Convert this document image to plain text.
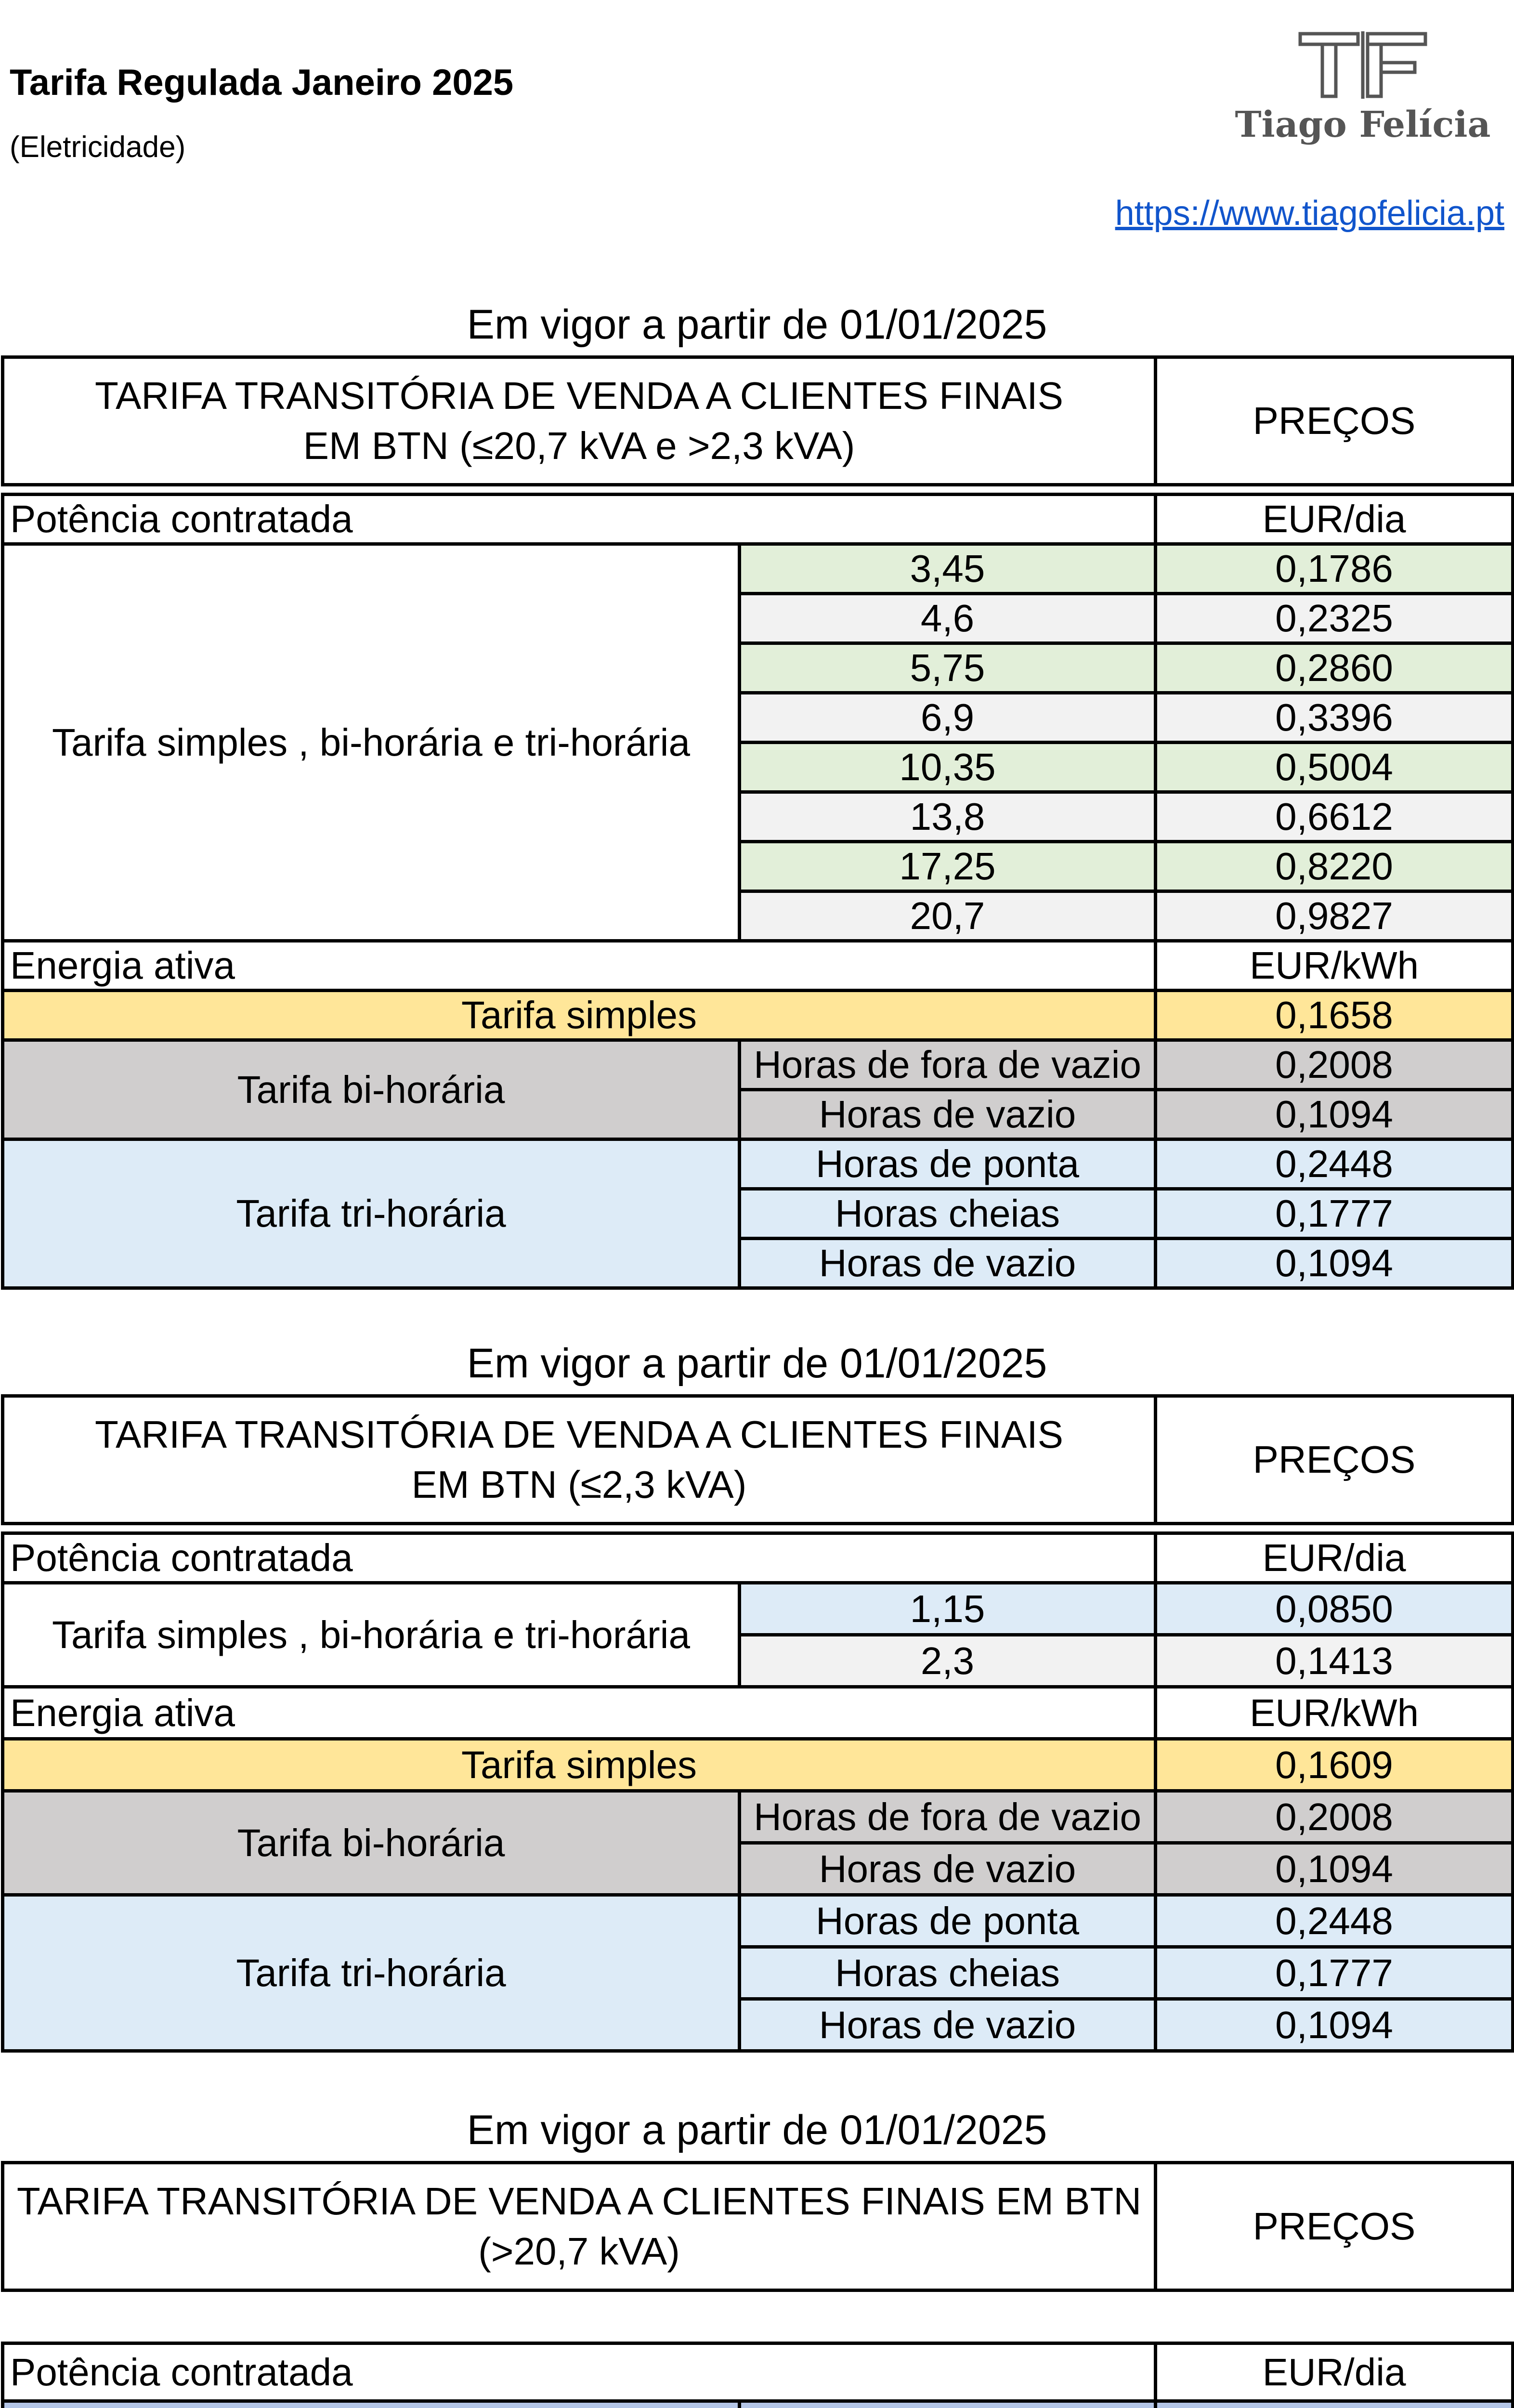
Tarifa Regulada Janeiro 2025
(Eletricidade)
Tiago Felícia
https://www.tiagofelicia.pt
Em vigor a partir de 01/01/2025
TARIFA TRANSITÓRIA DE VENDA A CLIENTES FINAIS
EM BTN (≤20,7 kVA e >2,3 kVA)	PREÇOS
Potência contratada		EUR/dia
Tarifa simples , bi-horária e tri-horária	3,45	0,1786
	4,6	0,2325
	5,75	0,2860
	6,9	0,3396
	10,35	0,5004
	13,8	0,6612
	17,25	0,8220
	20,7	0,9827
Energia ativa		EUR/kWh
Tarifa simples		0,1658
Tarifa bi-horária	Horas de fora de vazio	0,2008
	Horas de vazio	0,1094
Tarifa tri-horária	Horas de ponta	0,2448
	Horas cheias	0,1777
	Horas de vazio	0,1094
Em vigor a partir de 01/01/2025
TARIFA TRANSITÓRIA DE VENDA A CLIENTES FINAIS
EM BTN (≤2,3 kVA)	PREÇOS
Potência contratada		EUR/dia
Tarifa simples , bi-horária e tri-horária	1,15	0,0850
	2,3	0,1413
Energia ativa		EUR/kWh
Tarifa simples		0,1609
Tarifa bi-horária	Horas de fora de vazio	0,2008
	Horas de vazio	0,1094
Tarifa tri-horária	Horas de ponta	0,2448
	Horas cheias	0,1777
	Horas de vazio	0,1094
Em vigor a partir de 01/01/2025
TARIFA TRANSITÓRIA DE VENDA A CLIENTES FINAIS EM BTN
(>20,7 kVA)	PREÇOS
Potência contratada		EUR/dia
